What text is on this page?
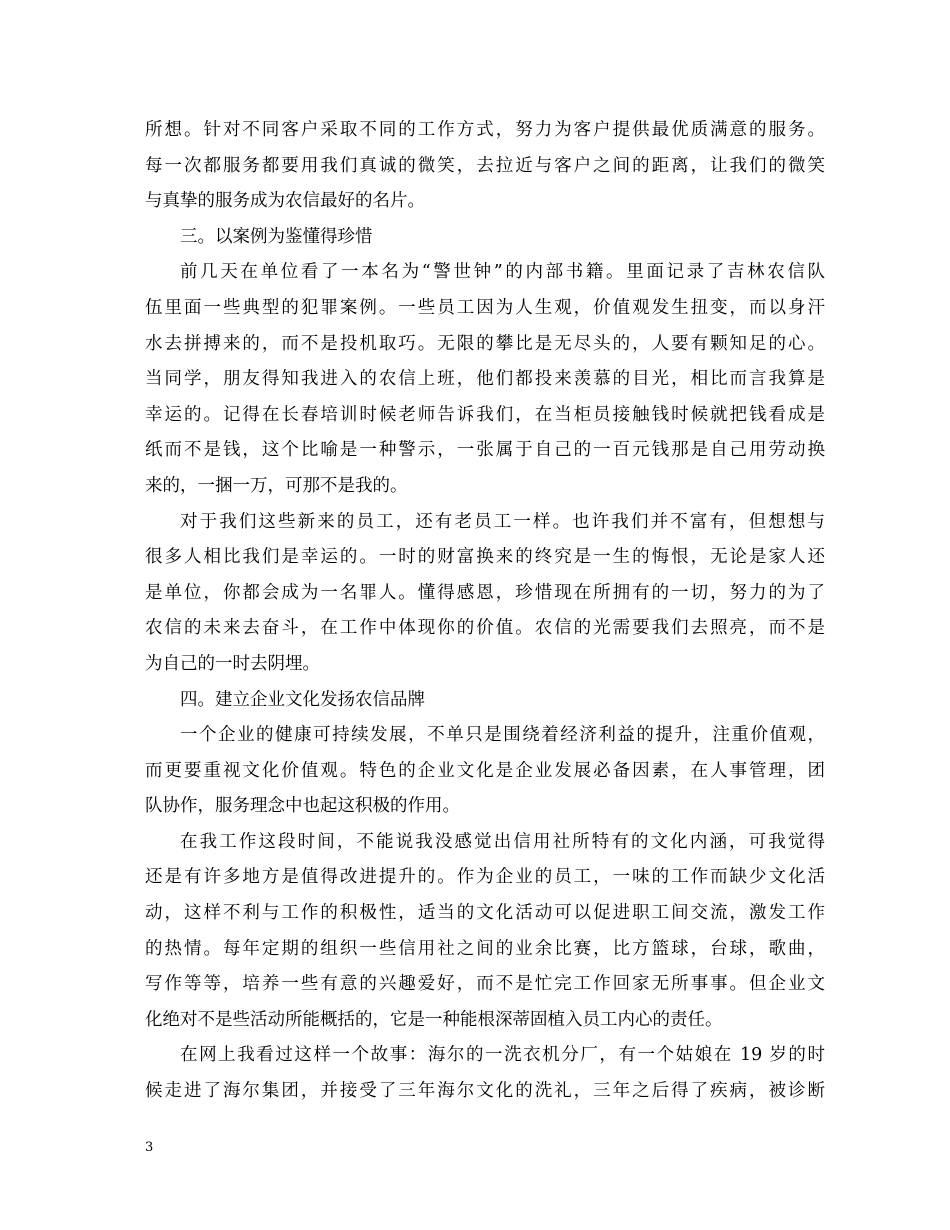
所想。针对不同客户采取不同的工作方式，努力为客户提供最优质满意的服务。
每一次都服务都要用我们真诚的微笑，去拉近与客户之间的距离，让我们的微笑
与真挚的服务成为农信最好的名片。
三。以案例为鉴懂得珍惜
前几天在单位看了一本名为“警世钟”的内部书籍。里面记录了吉林农信队
伍里面一些典型的犯罪案例。一些员工因为人生观，价值观发生扭变，而以身汗
水去拼搏来的，而不是投机取巧。无限的攀比是无尽头的，人要有颗知足的心。
当同学，朋友得知我进入的农信上班，他们都投来羡慕的目光，相比而言我算是
幸运的。记得在长春培训时候老师告诉我们，在当柜员接触钱时候就把钱看成是
纸而不是钱，这个比喻是一种警示，一张属于自己的一百元钱那是自己用劳动换
来的，一捆一万，可那不是我的。
对于我们这些新来的员工，还有老员工一样。也许我们并不富有，但想想与
很多人相比我们是幸运的。一时的财富换来的终究是一生的悔恨，无论是家人还
是单位，你都会成为一名罪人。懂得感恩，珍惜现在所拥有的一切，努力的为了
农信的未来去奋斗，在工作中体现你的价值。农信的光需要我们去照亮，而不是
为自己的一时去阴埋。
四。建立企业文化发扬农信品牌
一个企业的健康可持续发展，不单只是围绕着经济利益的提升，注重价值观，
而更要重视文化价值观。特色的企业文化是企业发展必备因素，在人事管理，团
队协作，服务理念中也起这积极的作用。
在我工作这段时间，不能说我没感觉出信用社所特有的文化内涵，可我觉得
还是有许多地方是值得改进提升的。作为企业的员工，一味的工作而缺少文化活
动，这样不利与工作的积极性，适当的文化活动可以促进职工间交流，激发工作
的热情。每年定期的组织一些信用社之间的业余比赛，比方篮球，台球，歌曲，
写作等等，培养一些有意的兴趣爱好，而不是忙完工作回家无所事事。但企业文
化绝对不是些活动所能概括的，它是一种能根深蒂固植入员工内心的责任。
在网上我看过这样一个故事：海尔的一洗衣机分厂，有一个姑娘在 19 岁的时
候走进了海尔集团，并接受了三年海尔文化的洗礼，三年之后得了疾病，被诊断
3
